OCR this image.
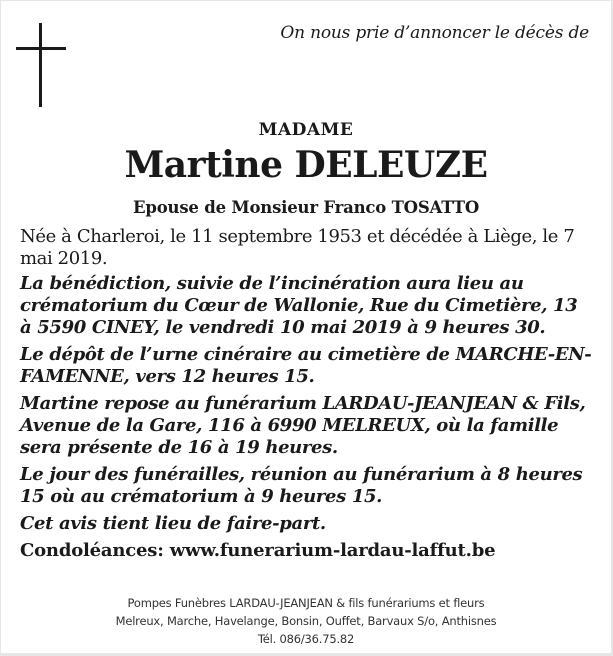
On nous prie d’annoncer le décès de
MADAME
Martine DELEUZE
Epouse de Monsieur Franco TOSATTO

Née à Charleroi, le 11 septembre 1953 et décédée à Liège, le 7 mai 2019.

La bénédiction, suivie de l’incinération aura lieu au crématorium du Cœur de Wallonie, Rue du Cimetière, 13 à 5590 CINEY, le vendredi 10 mai 2019 à 9 heures 30.

Le dépôt de l’urne cinéraire au cimetière de MARCHE-EN-FAMENNE, vers 12 heures 15.

Martine repose au funérarium LARDAU-JEANJEAN & Fils, Avenue de la Gare, 116 à 6990 MELREUX, où la famille sera présente de 16 à 19 heures.

Le jour des funérailles, réunion au funérarium à 8 heures 15 où au crématorium à 9 heures 15.

Cet avis tient lieu de faire-part.

Condoléances: www.funerarium-lardau-laffut.be

Pompes Funèbres LARDAU-JEANJEAN & fils funérariums et fleurs
Melreux, Marche, Havelange, Bonsin, Ouffet, Barvaux S/o, Anthisnes
Tél. 086/36.75.82
